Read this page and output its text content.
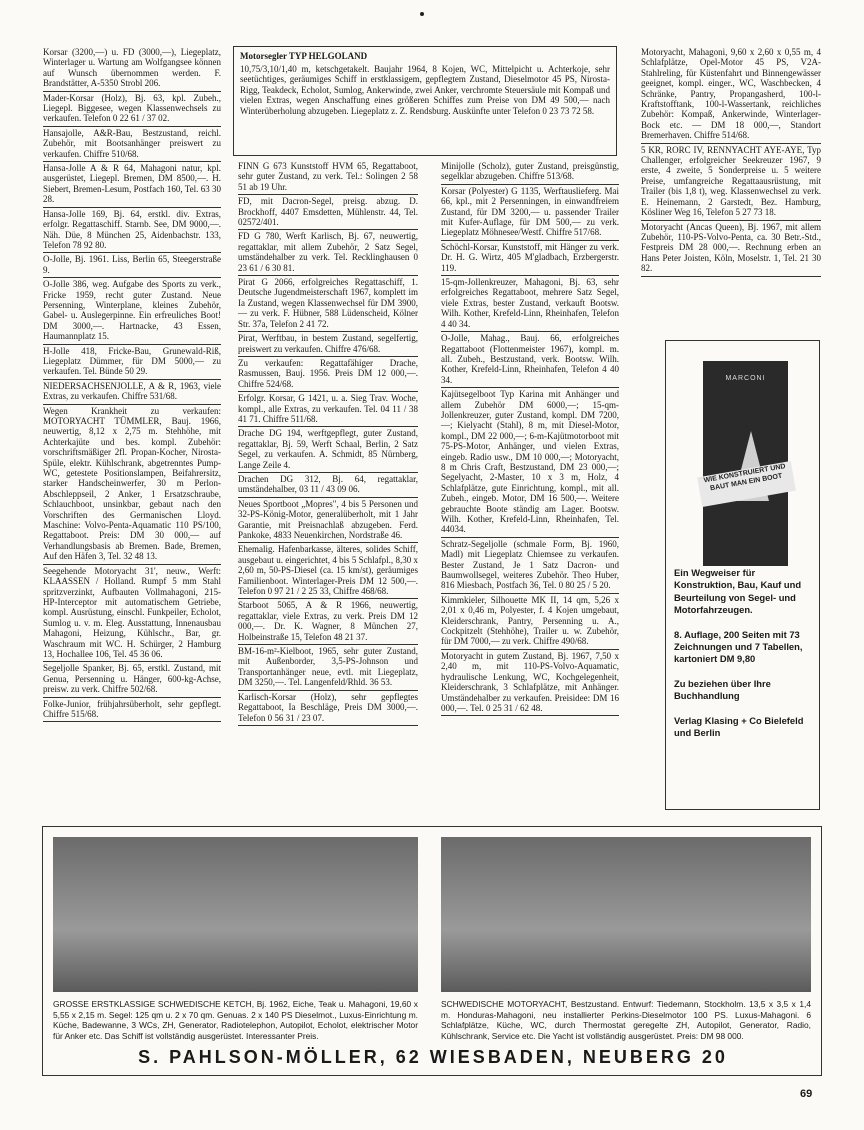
Korsar (3200,—) u. FD (3000,—), Liegeplatz, Winterlager u. Wartung am Wolfgangsee können auf Wunsch übernommen werden. F. Brandstätter, A-5350 Strobl 206.
Mader-Korsar (Holz), Bj. 63, kpl. Zubeh., Liegepl. Biggesee, wegen Klassenwechsels zu verkaufen. Telefon 0 22 61 / 37 02.
Hansajolle, A&R-Bau, Bestzustand, reichl. Zubehör, mit Bootsanhänger preiswert zu verkaufen. Chiffre 510/68.
Hansa-Jolle A & R 64, Mahagoni natur, kpl. ausgerüstet, Liegepl. Bremen, DM 8500,—. H. Siebert, Bremen-Lesum, Postfach 160, Tel. 63 30 28.
Hansa-Jolle 169, Bj. 64, erstkl. div. Extras, erfolgr. Regattaschiff. Starnb. See, DM 9000,—. Näh. Düe, 8 München 25, Aidenbachstr. 133, Telefon 78 92 80.
O-Jolle, Bj. 1961. Liss, Berlin 65, Steegerstraße 9.
O-Jolle 386, weg. Aufgabe des Sports zu verk., Fricke 1959, recht guter Zustand. Neue Persenning, Winterplane, kleines Zubehör, Gabel- u. Auslegerpinne. Ein erfreuliches Boot! DM 3000,—. Hartnacke, 43 Essen, Haumannplatz 15.
H-Jolle 418, Fricke-Bau, Grunewald-Riß, Liegeplatz Dümmer, für DM 5000,— zu verkaufen. Tel. Bünde 50 29.
NIEDERSACHSENJOLLE, A & R, 1963, viele Extras, zu verkaufen. Chiffre 531/68.
Wegen Krankheit zu verkaufen: MOTORYACHT TÜMMLER, Bauj. 1966, neuwertig, 8,12 x 2,75 m. Stehhöhe, mit Achterkajüte und bes. kompl. Zubehör: vorschriftsmäßiger 2fl. Propan-Kocher, Nirosta-Spüle, elektr. Kühlschrank, abgetrenntes Pump-WC, getestete Positionslampen, Beifahrersitz, starker Handscheinwerfer, 30 m Perlon-Abschleppseil, 2 Anker, 1 Ersatzschraube, Schlauchboot, unsinkbar, gebaut nach den Vorschriften des Germanischen Lloyd. Maschine: Volvo-Penta-Aquamatic 110 PS/100, Regattaboot. Preis: DM 30 000,— auf Verhandlungsbasis ab Bremen. Bade, Bremen, Auf den Häfen 3, Tel. 32 48 13.
Seegehende Motoryacht 31', neuw., Werft: KLAASSEN / Holland. Rumpf 5 mm Stahl spritzverzinkt, Aufbauten Vollmahagoni, 215-HP-Interceptor mit automatischem Getriebe, kompl. Ausrüstung, einschl. Funkpeiler, Echolot, Sumlog u. v. m. Eleg. Ausstattung, Innenausbau Mahagoni, Heizung, Kühlschr., Bar, gr. Waschraum mit WC. H. Schürger, 2 Hamburg 13, Hochallee 106, Tel. 45 36 06.
Segeljolle Spanker, Bj. 65, erstkl. Zustand, mit Genua, Persenning u. Hänger, 600-kg-Achse, preisw. zu verk. Chiffre 502/68.
Folke-Junior, frühjahrsüberholt, sehr gepflegt. Chiffre 515/68.
Motorsegler TYP HELGOLAND
10,75/3,10/1,40 m, ketschgetakelt. Baujahr 1964, 8 Kojen, WC, Mittelpicht u. Achterkoje, sehr seetüchtiges, geräumiges Schiff in erstklassigem, gepflegtem Zustand, Dieselmotor 45 PS, Nirosta-Rigg, Teakdeck, Echolot, Sumlog, Ankerwinde, zwei Anker, verchromte Steuersäule mit Kompaß und vielen Extras, wegen Anschaffung eines größeren Schiffes zum Preise von DM 49 500,— nach Winterüberholung abzugeben. Liegeplatz z. Z. Rendsburg. Auskünfte unter Telefon 0 23 73 72 58.
FINN G 673 Kunststoff HVM 65, Regattaboot, sehr guter Zustand, zu verk. Tel.: Solingen 2 58 51 ab 19 Uhr.
FD, mit Dacron-Segel, preisg. abzug. D. Brockhoff, 4407 Emsdetten, Mühlenstr. 44, Tel. 02572/401.
FD G 780, Werft Karlisch, Bj. 67, neuwertig, regattaklar, mit allem Zubehör, 2 Satz Segel, umständehalber zu verk. Tel. Recklinghausen 0 23 61 / 6 30 81.
Pirat G 2066, erfolgreiches Regattaschiff, 1. Deutsche Jugendmeisterschaft 1967, komplett im Ia Zustand, wegen Klassenwechsel für DM 3900,— zu verk. F. Hübner, 588 Lüdenscheid, Kölner Str. 37a, Telefon 2 41 72.
Pirat, Werftbau, in bestem Zustand, segelfertig, preiswert zu verkaufen. Chiffre 476/68.
Zu verkaufen: Regattafähiger Drache, Rasmussen, Bauj. 1956. Preis DM 12 000,—. Chiffre 524/68.
Erfolgr. Korsar, G 1421, u. a. Sieg Trav. Woche, kompl., alle Extras, zu verkaufen. Tel. 04 11 / 38 41 71. Chiffre 511/68.
Drache DG 194, werftgepflegt, guter Zustand, regattaklar, Bj. 59, Werft Schaal, Berlin, 2 Satz Segel, zu verkaufen. A. Schmidt, 85 Nürnberg, Lange Zeile 4.
Drachen DG 312, Bj. 64, regattaklar, umständehalber, 03 11 / 43 09 06.
Neues Sportboot „Mopres", 4 bis 5 Personen und 32-PS-König-Motor, generalüberholt, mit 1 Jahr Garantie, mit Preisnachlaß abzugeben. Ferd. Pankoke, 4833 Neuenkirchen, Nordstraße 46.
Ehemalig. Hafenbarkasse, älteres, solides Schiff, ausgebaut u. eingerichtet, 4 bis 5 Schlafpl., 8,30 x 2,60 m, 50-PS-Diesel (ca. 15 km/st), geräumiges Familienboot. Winterlager-Preis DM 12 500,—. Telefon 0 97 21 / 2 25 33, Chiffre 468/68.
Starboot 5065, A & R 1966, neuwertig, regattaklar, viele Extras, zu verk. Preis DM 12 000,—. Dr. K. Wagner, 8 München 27, Holbeinstraße 15, Telefon 48 21 37.
BM-16-m²-Kielboot, 1965, sehr guter Zustand, mit Außenborder, 3,5-PS-Johnson und Transportanhänger neue, evtl. mit Liegeplatz, DM 3250,—. Tel. Langenfeld/Rhld. 36 53.
Karlisch-Korsar (Holz), sehr gepflegtes Regattaboot, Ia Beschläge, Preis DM 3000,—. Telefon 0 56 31 / 23 07.
Minijolle (Scholz), guter Zustand, preisgünstig, segelklar abzugeben. Chiffre 513/68.
Korsar (Polyester) G 1135, Werftauslieferg. Mai 66, kpl., mit 2 Persenningen, in einwandfreiem Zustand, für DM 3200,— u. passender Trailer mit Kufer-Auflage, für DM 500,— zu verk. Liegeplatz Möhnesee/Westf. Chiffre 517/68.
Schöchl-Korsar, Kunststoff, mit Hänger zu verk. Dr. H. G. Wirtz, 405 M'gladbach, Erzbergerstr. 119.
15-qm-Jollenkreuzer, Mahagoni, Bj. 63, sehr erfolgreiches Regattaboot, mehrere Satz Segel, viele Extras, bester Zustand, verkauft Bootsw. Wilh. Kother, Krefeld-Linn, Rheinhafen, Telefon 4 40 34.
O-Jolle, Mahag., Bauj. 66, erfolgreiches Regattaboot (Flottenmeister 1967), kompl. m. all. Zubeh., Bestzustand, verk. Bootsw. Wilh. Kother, Krefeld-Linn, Rheinhafen, Telefon 4 40 34.
Kajütsegelboot Typ Karina mit Anhänger und allem Zubehör DM 6000,—; 15-qm-Jollenkreuzer, guter Zustand, kompl. DM 7200,—; Kielyacht (Stahl), 8 m, mit Diesel-Motor, kompl., DM 22 000,—; 6-m-Kajütmotorboot mit 75-PS-Motor, Anhänger, und vielen Extras, eingeb. Radio usw., DM 10 000,—; Motoryacht, 8 m Chris Craft, Bestzustand, DM 23 000,—; Segelyacht, 2-Master, 10 x 3 m, Holz, 4 Schlafplätze, gute Einrichtung, kompl., mit all. Zubeh., eingeb. Motor, DM 16 500,—. Weitere gebrauchte Boote ständig am Lager. Bootsw. Wilh. Kother, Krefeld-Linn, Rheinhafen, Tel. 44034.
Schratz-Segeljolle (schmale Form, Bj. 1960, Madl) mit Liegeplatz Chiemsee zu verkaufen. Bester Zustand, Je 1 Satz Dacron- und Baumwollsegel, weiteres Zubehör. Theo Huber, 816 Miesbach, Postfach 36, Tel. 0 80 25 / 5 20.
Kimmkieler, Silhouette MK II, 14 qm, 5,26 x 2,01 x 0,46 m, Polyester, f. 4 Kojen umgebaut, Kleiderschrank, Pantry, Persenning u. A., Cockpitzelt (Stehhöhe), Trailer u. w. Zubehör, für DM 7000,— zu verk. Chiffre 490/68.
Motoryacht in gutem Zustand, Bj. 1967, 7,50 x 2,40 m, mit 110-PS-Volvo-Aquamatic, hydraulische Lenkung, WC, Kochgelegenheit, Kleiderschrank, 3 Schlafplätze, mit Anhänger. Umständehalber zu verkaufen. Preisidee: DM 16 000,—. Tel. 0 25 31 / 62 48.
Motoryacht, Mahagoni, 9,60 x 2,60 x 0,55 m, 4 Schlafplätze, Opel-Motor 45 PS, V2A-Stahlreling, für Küstenfahrt und Binnengewässer geeignet, kompl. einger., WC, Waschbecken, 4 Schränke, Pantry, Propangasherd, 100-l-Kraftstofftank, 100-l-Wassertank, reichliches Zubehör: Kompaß, Ankerwinde, Winterlager-Bock etc. — DM 18 000,—, Standort Bremerhaven. Chiffre 514/68.
5 KR, RORC IV, RENNYACHT AYE-AYE, Typ Challenger, erfolgreicher Seekreuzer 1967, 9 erste, 4 zweite, 5 Sonderpreise u. 5 weitere Preise, umfangreiche Regattaausrüstung, mit Trailer (bis 1,8 t), weg. Klassenwechsel zu verk. E. Heinemann, 2 Garstedt, Bez. Hamburg, Kösliner Weg 16, Telefon 5 27 73 18.
Motoryacht (Ancas Queen), Bj. 1967, mit allem Zubehör, 110-PS-Volvo-Penta, ca. 30 Betr.-Std., Festpreis DM 28 000,—. Rechnung erben an Hans Peter Joisten, Köln, Moselstr. 1, Tel. 21 30 82.
MARCONI
WIE KONSTRUIERT UND BAUT MAN EIN BOOT

Ein Wegweiser für Konstruktion, Bau, Kauf und Beurteilung von Segel- und Motorfahrzeugen.

8. Auflage, 200 Seiten mit 73 Zeichnungen und 7 Tabellen, kartoniert DM 9,80

Zu beziehen über Ihre Buchhandlung

Verlag Klasing + Co Bielefeld und Berlin

GROSSE ERSTKLASSIGE SCHWEDISCHE KETCH, Bj. 1962, Eiche, Teak u. Mahagoni, 19,60 x 5,55 x 2,15 m. Segel: 125 qm u. 2 x 70 qm. Genuas. 2 x 140 PS Dieselmot., Luxus-Einrichtung m. Küche, Badewanne, 3 WCs, ZH, Generator, Radiotelephon, Autopilot, Echolot, elektrischer Motor für Anker etc. Das Schiff ist vollständig ausgerüstet. Interessanter Preis.
SCHWEDISCHE MOTORYACHT, Bestzustand. Entwurf: Tiedemann, Stockholm. 13,5 x 3,5 x 1,4 m. Honduras-Mahagoni, neu installierter Perkins-Dieselmotor 100 PS. Luxus-Mahagoni. 6 Schlafplätze, Küche, WC, durch Thermostat geregelte ZH, Autopilot, Generator, Radio, Kühlschrank, Service etc. Die Yacht ist vollständig ausgerüstet. Preis: DM 98 000.
S. PAHLSON-MÖLLER, 62 WIESBADEN, NEUBERG 20
69
